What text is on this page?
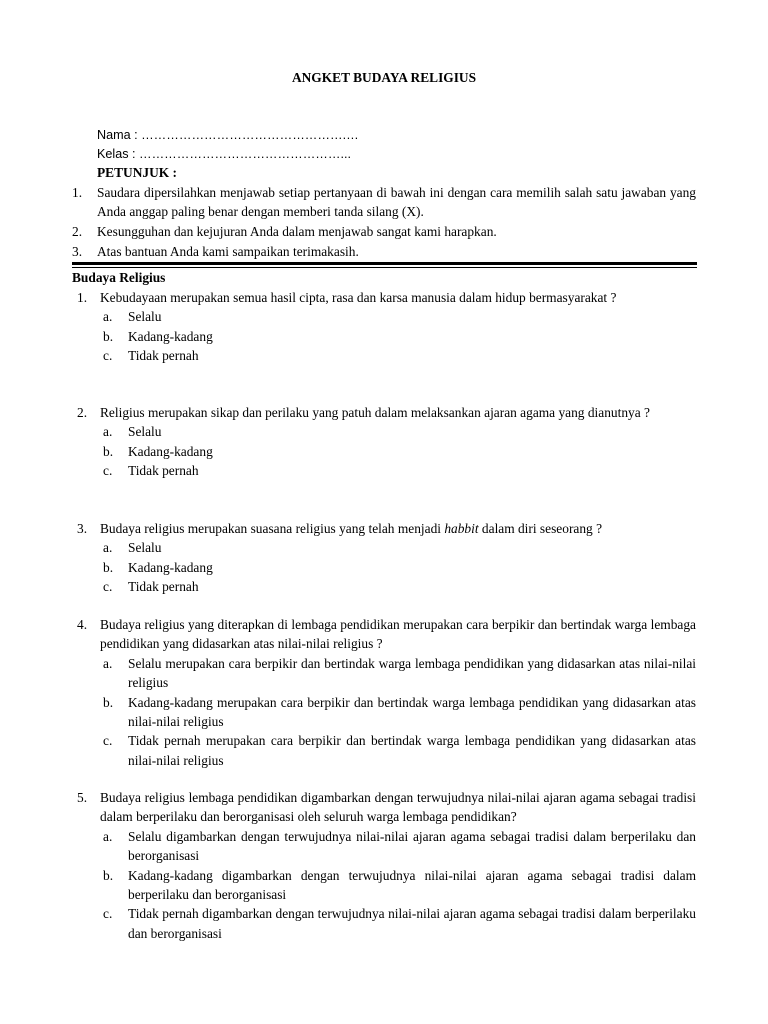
ANGKET BUDAYA RELIGIUS
Nama : ………………………………………….…
Kelas : …………………………………………...
PETUNJUK :
1. Saudara dipersilahkan menjawab setiap pertanyaan di bawah ini dengan cara memilih salah satu jawaban yang Anda anggap paling benar dengan memberi tanda silang (X).
2. Kesungguhan dan kejujuran Anda dalam menjawab sangat kami harapkan.
3. Atas bantuan Anda kami sampaikan terimakasih.
Budaya Religius
1. Kebudayaan merupakan semua hasil cipta, rasa dan karsa manusia dalam hidup bermasyarakat ?
a. Selalu
b. Kadang-kadang
c. Tidak pernah
2. Religius merupakan sikap dan perilaku yang patuh dalam melaksankan ajaran agama yang dianutnya ?
a. Selalu
b. Kadang-kadang
c. Tidak pernah
3. Budaya religius merupakan suasana religius yang telah menjadi habbit dalam diri seseorang ?
a. Selalu
b. Kadang-kadang
c. Tidak pernah
4. Budaya religius yang diterapkan di lembaga pendidikan merupakan cara berpikir dan bertindak warga lembaga pendidikan yang didasarkan atas nilai-nilai religius ?
a. Selalu merupakan cara berpikir dan bertindak warga lembaga pendidikan yang didasarkan atas nilai-nilai religius
b. Kadang-kadang merupakan cara berpikir dan bertindak warga lembaga pendidikan yang didasarkan atas nilai-nilai religius
c. Tidak pernah merupakan cara berpikir dan bertindak warga lembaga pendidikan yang didasarkan atas nilai-nilai religius
5. Budaya religius lembaga pendidikan digambarkan dengan terwujudnya nilai-nilai ajaran agama sebagai tradisi dalam berperilaku dan berorganisasi oleh seluruh warga lembaga pendidikan?
a. Selalu digambarkan dengan terwujudnya nilai-nilai ajaran agama sebagai tradisi dalam berperilaku dan berorganisasi
b. Kadang-kadang digambarkan dengan terwujudnya nilai-nilai ajaran agama sebagai tradisi dalam berperilaku dan berorganisasi
c. Tidak pernah digambarkan dengan terwujudnya nilai-nilai ajaran agama sebagai tradisi dalam berperilaku dan berorganisasi
